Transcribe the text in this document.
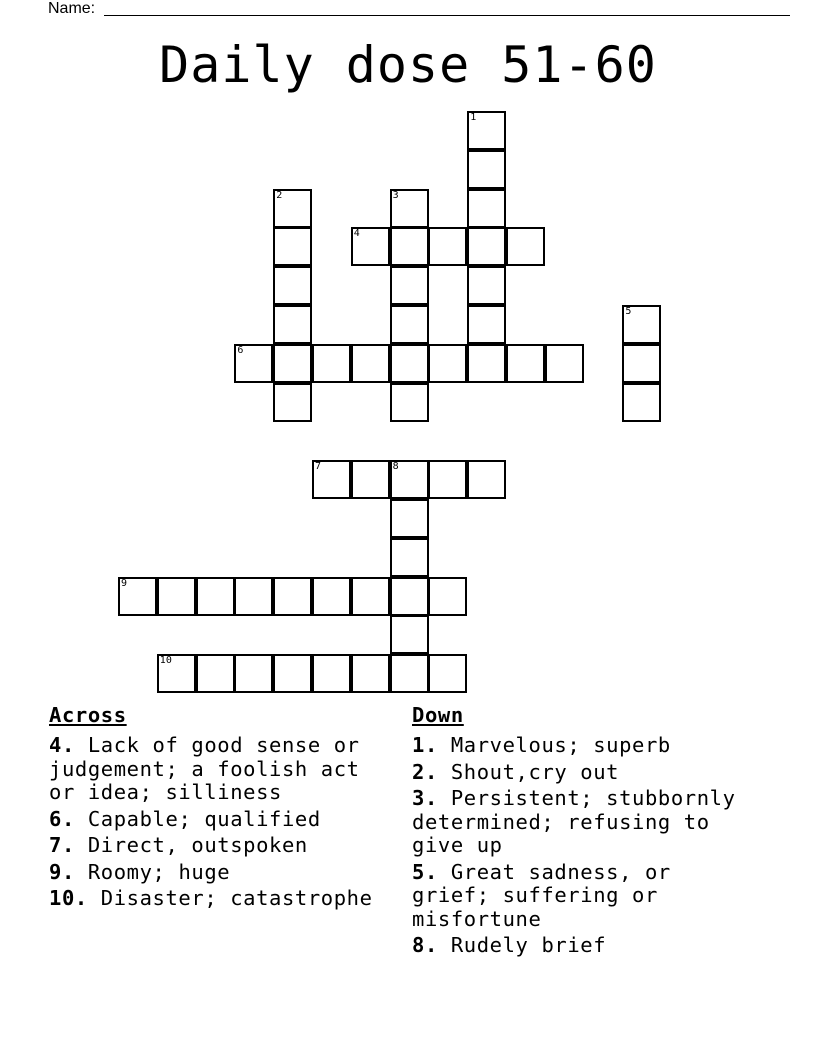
Name:
Daily dose 51-60
1
2	3
4
5
6
7	8
9
10
Across
4. Lack of good sense or judgement; a foolish act or idea; silliness
6. Capable; qualified
7. Direct, outspoken
9. Roomy; huge
10. Disaster; catastrophe
Down
1. Marvelous; superb
2. Shout,cry out
3. Persistent; stubbornly determined; refusing to give up
5. Great sadness, or grief; suffering or misfortune
8. Rudely brief
